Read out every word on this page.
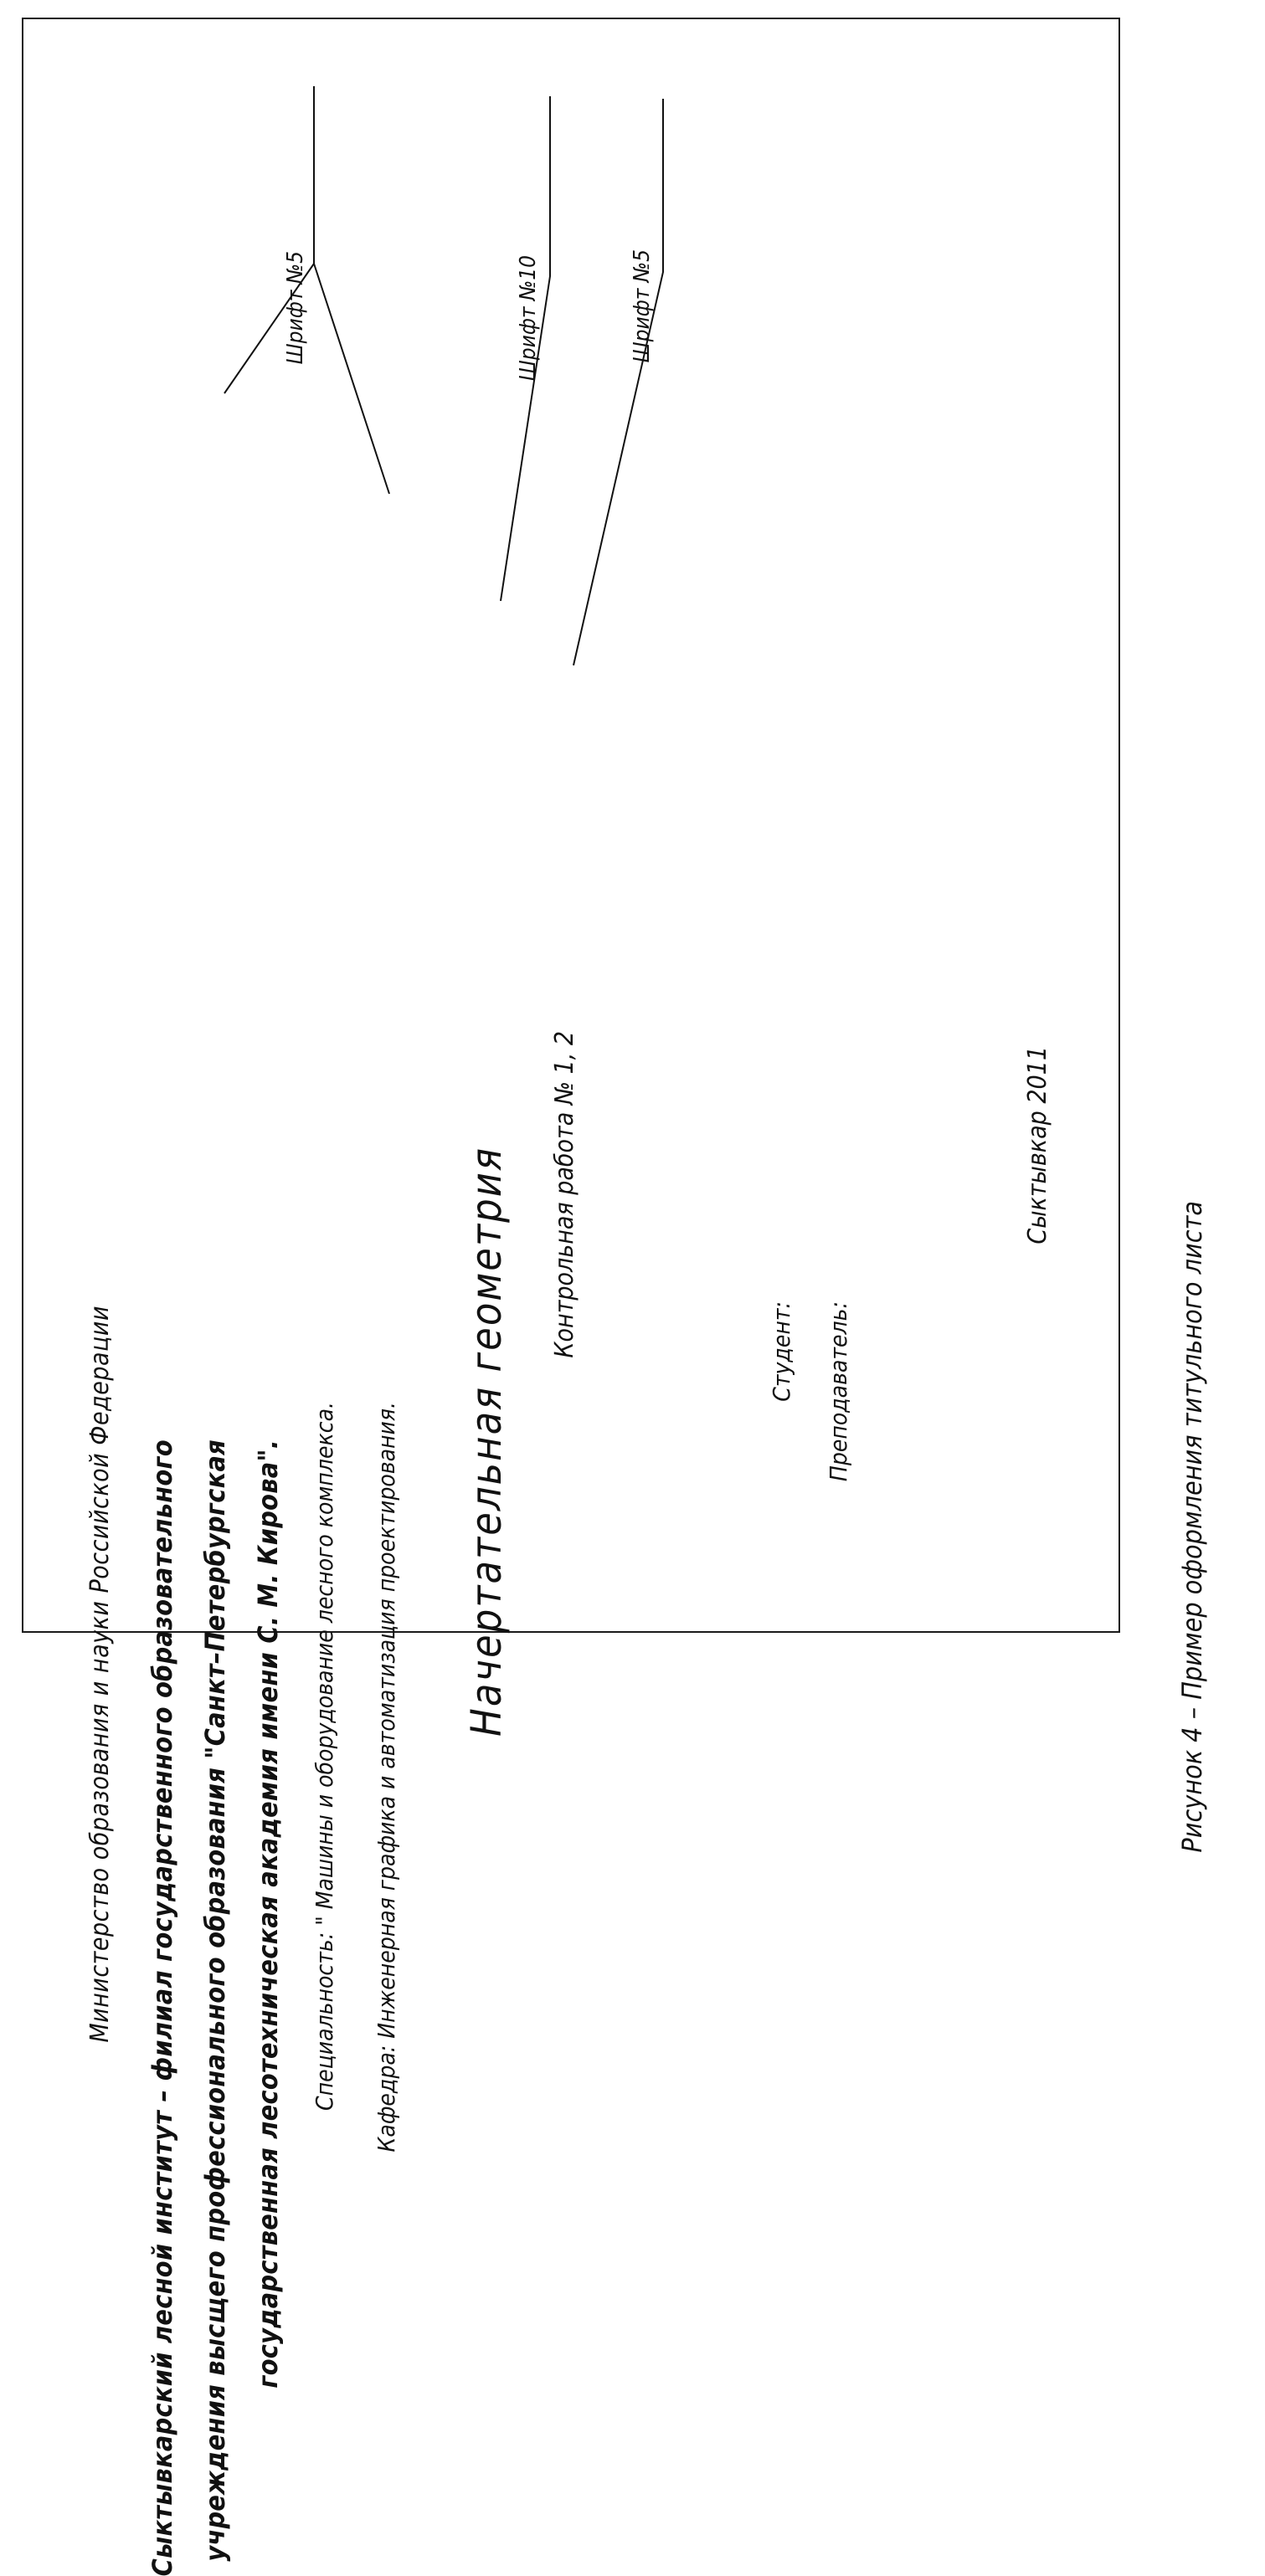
Министерство образования и науки Российской Федерации Сыктывкарский лесной институт – филиал государственного образовательного учреждения высщего профессионального образования "Санкт–Петербургская государственная лесотехническая академия имени С. М. Кирова". Специальность: " Машины и оборудование лесного комплекса. Кафедра: Инженерная графика и автоматизация проектирования. Начертательная геометрия Контрольная работа № 1, 2
Шрифт №5	Шрифт №10	Шрифт №5
Студент: Преподаватель:
Сыктывкар 2011
Рисунок 4 – Пример оформления титульного листа
